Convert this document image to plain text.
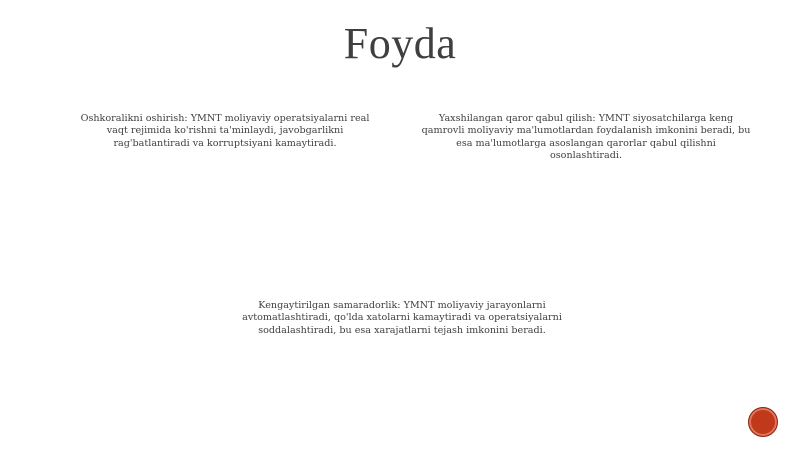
Foyda
Oshkoralikni oshirish: YMNT moliyaviy operatsiyalarni real vaqt rejimida ko'rishni ta'minlaydi, javobgarlikni rag'batlantiradi va korruptsiyani kamaytiradi.
Yaxshilangan qaror qabul qilish: YMNT siyosatchilarga keng qamrovli moliyaviy ma'lumotlardan foydalanish imkonini beradi, bu esa ma'lumotlarga asoslangan qarorlar qabul qilishni osonlashtiradi.
Kengaytirilgan samaradorlik: YMNT moliyaviy jarayonlarni avtomatlashtiradi, qo'lda xatolarni kamaytiradi va operatsiyalarni soddalashtiradi, bu esa xarajatlarni tejash imkonini beradi.
